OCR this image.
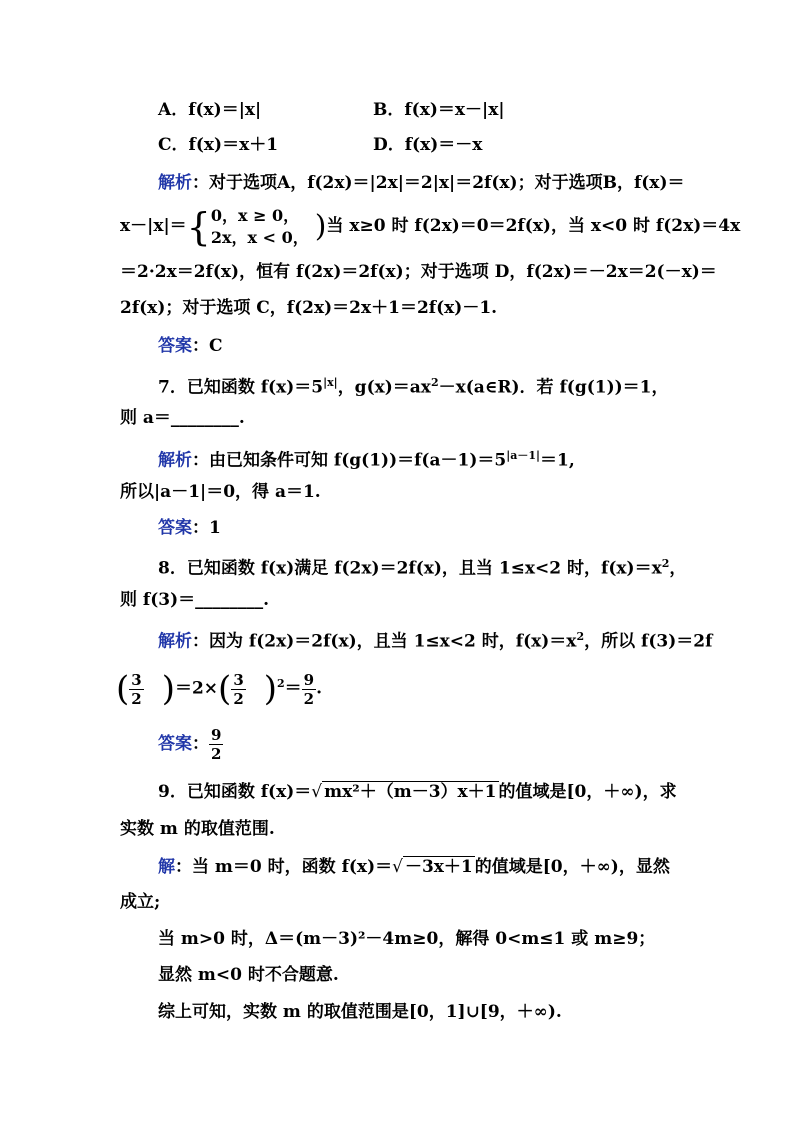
A．f(x)＝|x|	B．f(x)＝x－|x|
C．f(x)＝x＋1	D．f(x)＝－x
解析：对于选项A，f(2x)＝|2x|＝2|x|＝2f(x)；对于选项B，f(x)＝
x－|x|＝{ 0，x ≥ 0，
2x，x < 0， )当 x≥0 时 f(2x)＝0＝2f(x)，当 x<0 时 f(2x)＝4x
＝2·2x＝2f(x)，恒有 f(2x)＝2f(x)；对于选项 D，f(2x)＝－2x＝2(－x)＝
2f(x)；对于选项 C，f(2x)＝2x＋1＝2f(x)－1.
答案：C
7．已知函数 $f(x)=5^{|x|}$，$g(x)=ax^2-x(a\in R)$．若 f(g(1))＝1，
则 a＝________.
解析：由已知条件可知 $f(g(1))=f(a-1)=5^{|a-1|}=1$,
所以|a－1|＝0，得 a＝1.
答案：1
8．已知函数 f(x)满足 f(2x)＝2f(x)，且当 1≤x<2 时，$f(x)=x^2$，
则 f(3)＝________.
解析：因为 f(2x)＝2f(x)，且当 1≤x<2 时，$f(x)=x^2$，所以 f(3)＝2f
( $\frac{3}{2} )=2\times( \frac{3}{2} )^2= \frac{9}{2}$ .
答案： $\frac{9}{2}$
9．已知函数 f(x)＝√ mx²＋（m－3）x＋1 的值域是[0，＋∞)，求
实数 m 的取值范围.
解：当 m＝0 时，函数 f(x)＝√ －3x＋1 的值域是[0，＋∞)，显然
成立;
当 m>0 时，Δ＝(m－3)²－4m≥0，解得 0<m≤1 或 m≥9；
显然 m<0 时不合题意.
综上可知，实数 m 的取值范围是[0，1]∪[9，＋∞).
